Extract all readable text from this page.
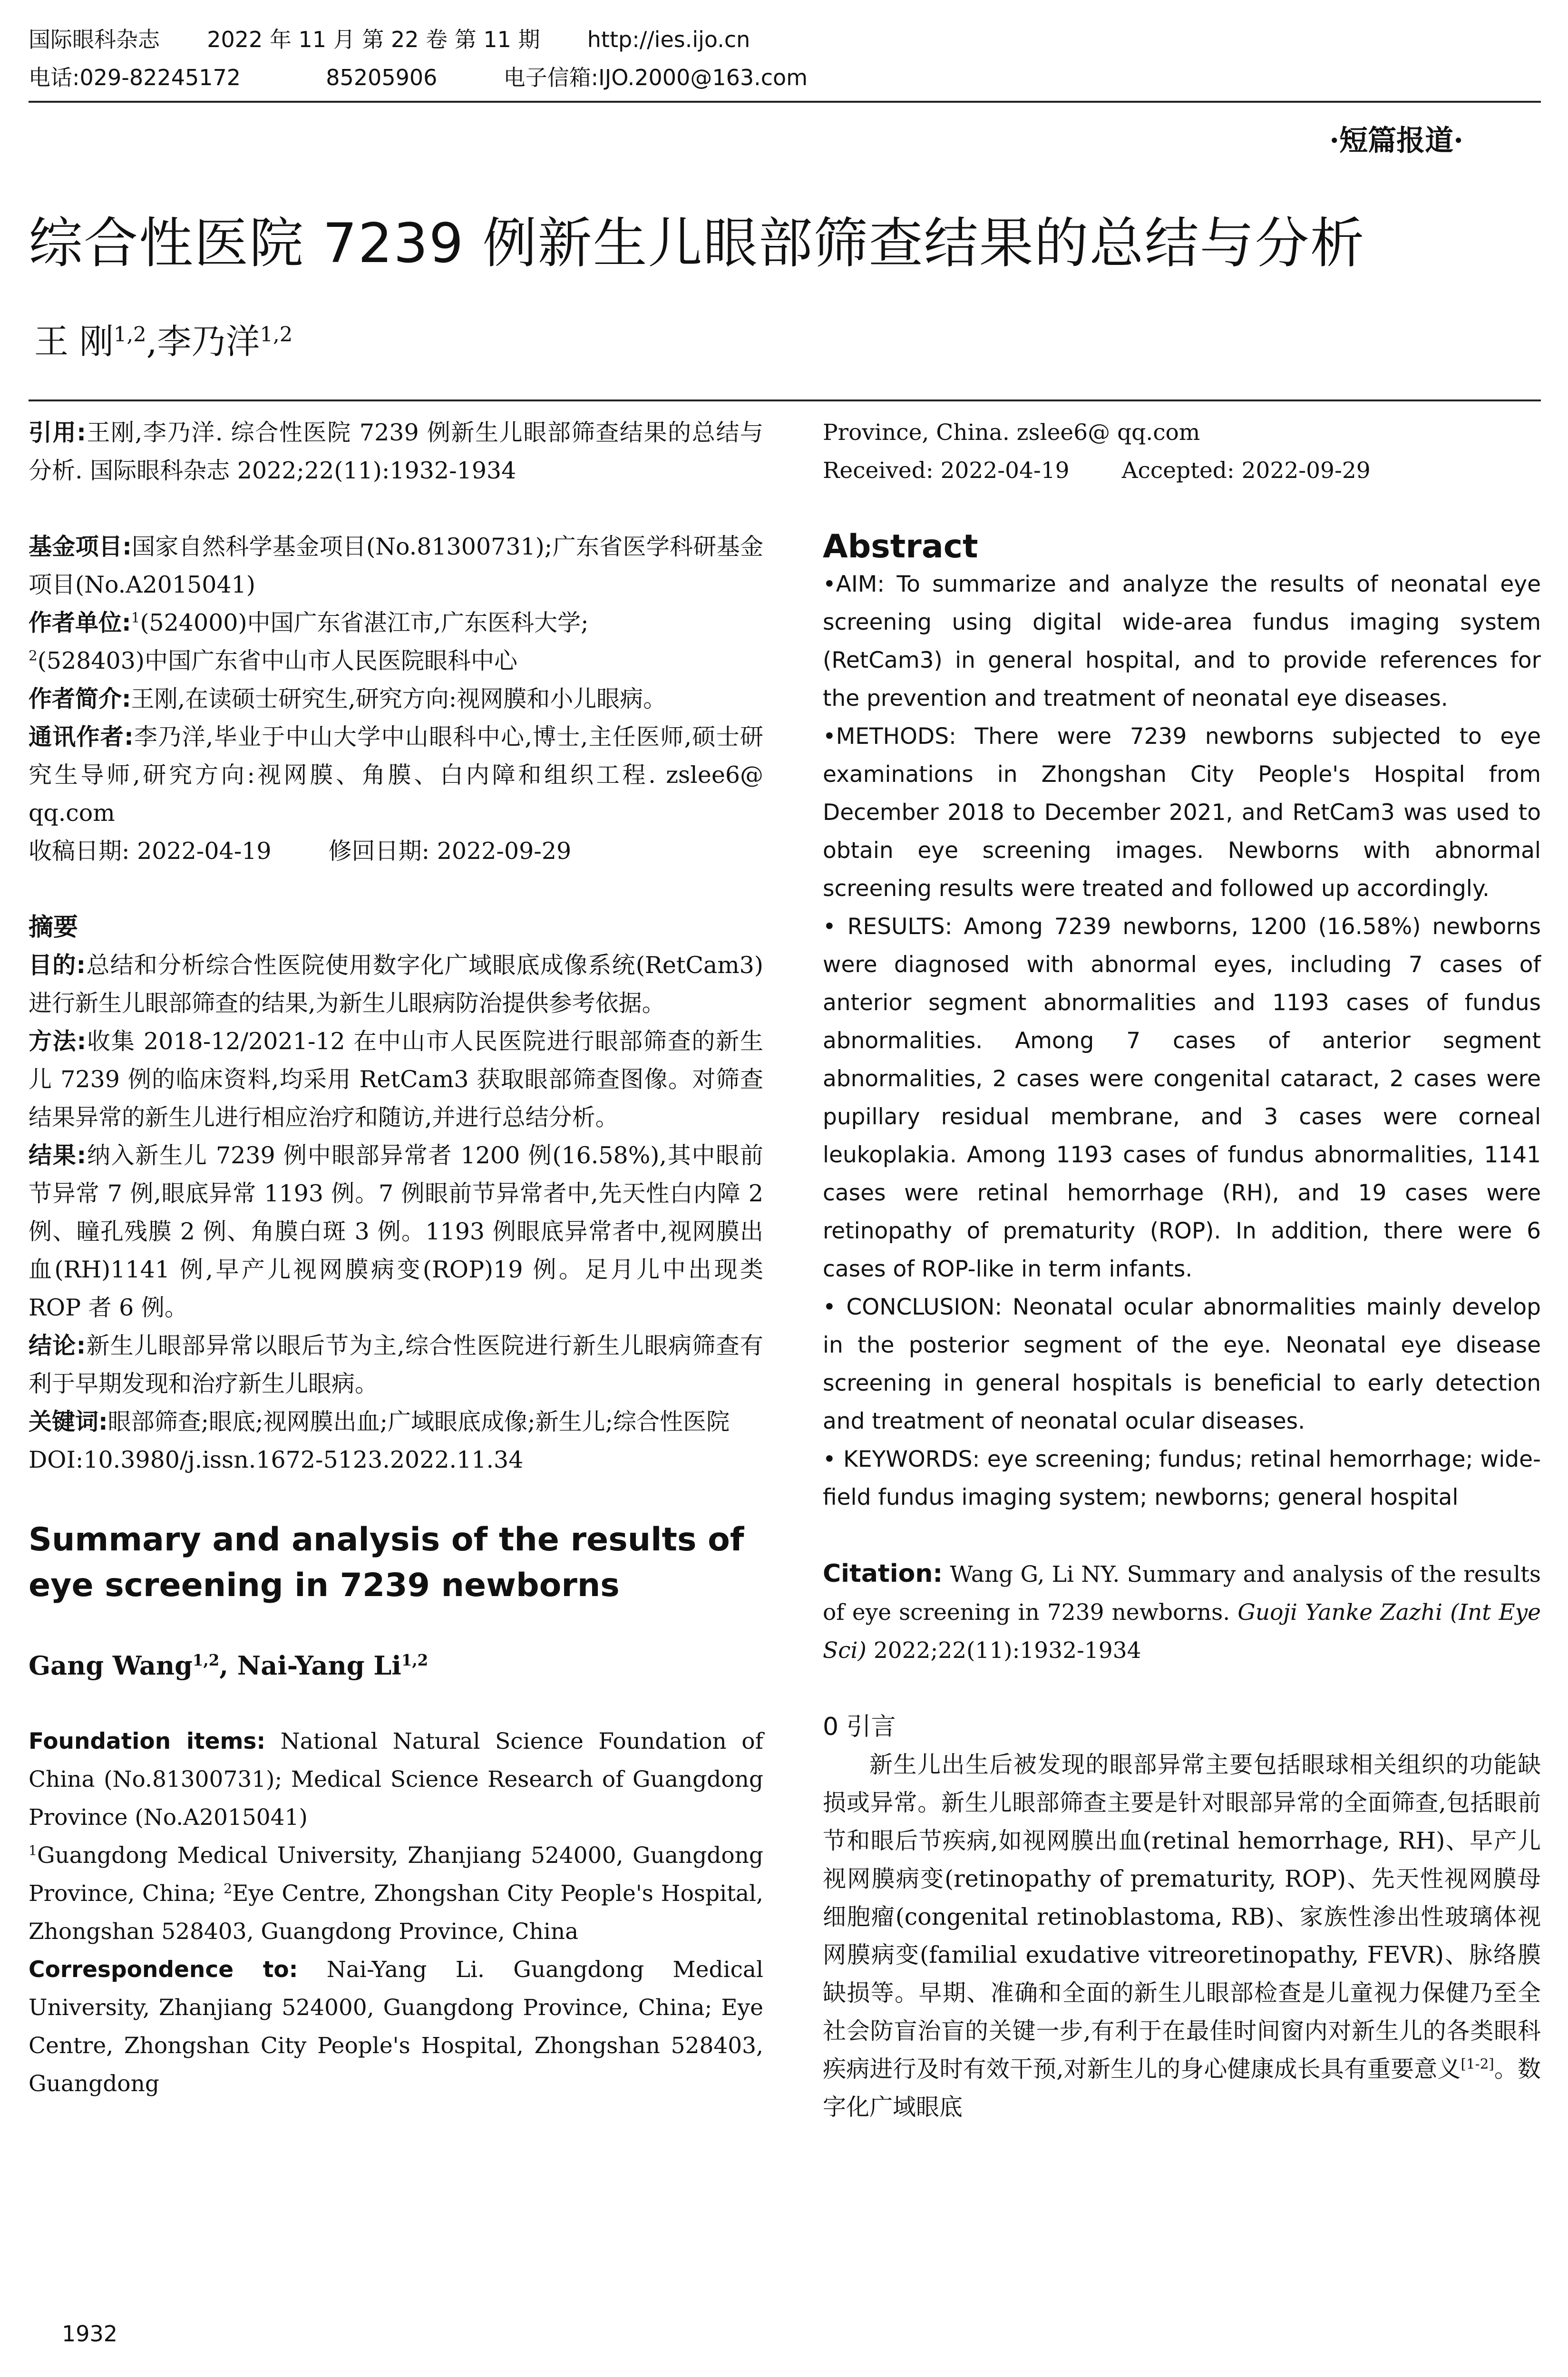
国际眼科杂志 2022 年 11 月 第 22 卷 第 11 期 http://ies.ijo.cn
电话:029-82245172	85205906	电子信箱:IJO.2000@163.com
·短篇报道·
综合性医院 7239 例新生儿眼部筛查结果的总结与分析
王 刚$^{1,2}$,李乃洋$^{1,2}$

引用:王刚,李乃洋. 综合性医院 7239 例新生儿眼部筛查结果的总结与分析. 国际眼科杂志 2022;22(11):1932-1934

基金项目:国家自然科学基金项目(No.81300731);广东省医学科研基金项目(No.A2015041)

作者单位:$^1$(524000)中国广东省湛江市,广东医科大学;
$^2$(528403)中国广东省中山市人民医院眼科中心

作者简介:王刚,在读硕士研究生,研究方向:视网膜和小儿眼病。

通讯作者:李乃洋,毕业于中山大学中山眼科中心,博士,主任医师,硕士研究生导师,研究方向:视网膜、角膜、白内障和组织工程. zslee6@ qq.com

收稿日期: 2022-04-19 修回日期: 2022-09-29

摘要

目的:总结和分析综合性医院使用数字化广域眼底成像系统(RetCam3)进行新生儿眼部筛查的结果,为新生儿眼病防治提供参考依据。

方法:收集 2018-12/2021-12 在中山市人民医院进行眼部筛查的新生儿 7239 例的临床资料,均采用 RetCam3 获取眼部筛查图像。对筛查结果异常的新生儿进行相应治疗和随访,并进行总结分析。

结果:纳入新生儿 7239 例中眼部异常者 1200 例(16.58%),其中眼前节异常 7 例,眼底异常 1193 例。7 例眼前节异常者中,先天性白内障 2 例、瞳孔残膜 2 例、角膜白斑 3 例。1193 例眼底异常者中,视网膜出血(RH)1141 例,早产儿视网膜病变(ROP)19 例。足月儿中出现类 ROP 者 6 例。

结论:新生儿眼部异常以眼后节为主,综合性医院进行新生儿眼病筛查有利于早期发现和治疗新生儿眼病。

关键词:眼部筛查;眼底;视网膜出血;广域眼底成像;新生儿;综合性医院

DOI:10.3980/j.issn.1672-5123.2022.11.34

Summary and analysis of the results of eye screening in 7239 newborns

Gang Wang$^{1,2}$, Nai-Yang Li$^{1,2}$

Foundation items: National Natural Science Foundation of China (No.81300731); Medical Science Research of Guangdong Province (No.A2015041)

$^1$Guangdong Medical University, Zhanjiang 524000, Guangdong Province, China; $^2$Eye Centre, Zhongshan City People's Hospital, Zhongshan 528403, Guangdong Province, China

Correspondence to: Nai-Yang Li. Guangdong Medical University, Zhanjiang 524000, Guangdong Province, China; Eye Centre, Zhongshan City People's Hospital, Zhongshan 528403, Guangdong

Province, China. zslee6@ qq.com

Received: 2022-04-19 Accepted: 2022-09-29

Abstract

•AIM: To summarize and analyze the results of neonatal eye screening using digital wide-area fundus imaging system (RetCam3) in general hospital, and to provide references for the prevention and treatment of neonatal eye diseases.

•METHODS: There were 7239 newborns subjected to eye examinations in Zhongshan City People's Hospital from December 2018 to December 2021, and RetCam3 was used to obtain eye screening images. Newborns with abnormal screening results were treated and followed up accordingly.

• RESULTS: Among 7239 newborns, 1200 (16.58%) newborns were diagnosed with abnormal eyes, including 7 cases of anterior segment abnormalities and 1193 cases of fundus abnormalities. Among 7 cases of anterior segment abnormalities, 2 cases were congenital cataract, 2 cases were pupillary residual membrane, and 3 cases were corneal leukoplakia. Among 1193 cases of fundus abnormalities, 1141 cases were retinal hemorrhage (RH), and 19 cases were retinopathy of prematurity (ROP). In addition, there were 6 cases of ROP-like in term infants.

• CONCLUSION: Neonatal ocular abnormalities mainly develop in the posterior segment of the eye. Neonatal eye disease screening in general hospitals is beneficial to early detection and treatment of neonatal ocular diseases.

• KEYWORDS: eye screening; fundus; retinal hemorrhage; wide-field fundus imaging system; newborns; general hospital

Citation: Wang G, Li NY. Summary and analysis of the results of eye screening in 7239 newborns. Guoji Yanke Zazhi (Int Eye Sci) 2022;22(11):1932-1934

0 引言

新生儿出生后被发现的眼部异常主要包括眼球相关组织的功能缺损或异常。新生儿眼部筛查主要是针对眼部异常的全面筛查,包括眼前节和眼后节疾病,如视网膜出血(retinal hemorrhage, RH)、早产儿视网膜病变(retinopathy of prematurity, ROP)、先天性视网膜母细胞瘤(congenital retinoblastoma, RB)、家族性渗出性玻璃体视网膜病变(familial exudative vitreoretinopathy, FEVR)、脉络膜缺损等。早期、准确和全面的新生儿眼部检查是儿童视力保健乃至全社会防盲治盲的关键一步,有利于在最佳时间窗内对新生儿的各类眼科疾病进行及时有效干预,对新生儿的身心健康成长具有重要意义[1-2]。数字化广域眼底

1932
